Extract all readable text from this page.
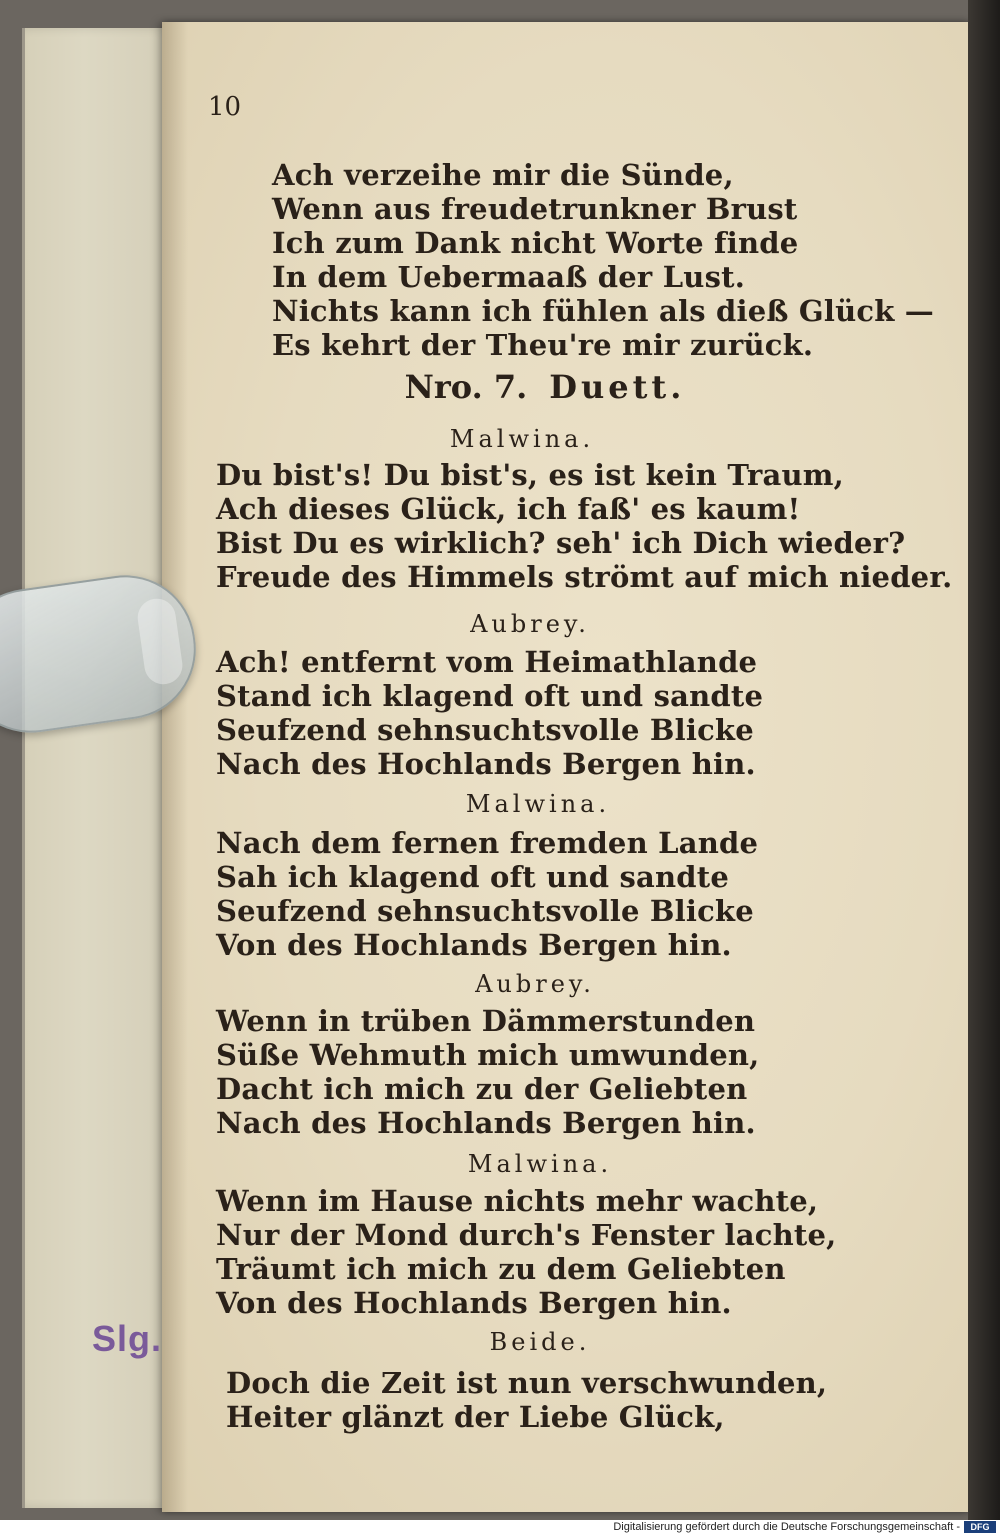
Slg.
10
Ach verzeihe mir die Sünde,
Wenn aus freudetrunkner Brust
Ich zum Dank nicht Worte finde
In dem Uebermaaß der Lust.
Nichts kann ich fühlen als dieß Glück —
Es kehrt der Theu're mir zurück.
Nro. 7. Duett.
Malwina.
Du bist's! Du bist's, es ist kein Traum,
Ach dieses Glück, ich faß' es kaum!
Bist Du es wirklich? seh' ich Dich wieder?
Freude des Himmels strömt auf mich nieder.
Aubrey.
Ach! entfernt vom Heimathlande
Stand ich klagend oft und sandte
Seufzend sehnsuchtsvolle Blicke
Nach des Hochlands Bergen hin.
Malwina.
Nach dem fernen fremden Lande
Sah ich klagend oft und sandte
Seufzend sehnsuchtsvolle Blicke
Von des Hochlands Bergen hin.
Aubrey.
Wenn in trüben Dämmerstunden
Süße Wehmuth mich umwunden,
Dacht ich mich zu der Geliebten
Nach des Hochlands Bergen hin.
Malwina.
Wenn im Hause nichts mehr wachte,
Nur der Mond durch's Fenster lachte,
Träumt ich mich zu dem Geliebten
Von des Hochlands Bergen hin.
Beide.
Doch die Zeit ist nun verschwunden,
Heiter glänzt der Liebe Glück,
Digitalisierung gefördert durch die Deutsche Forschungsgemeinschaft -	DFG
